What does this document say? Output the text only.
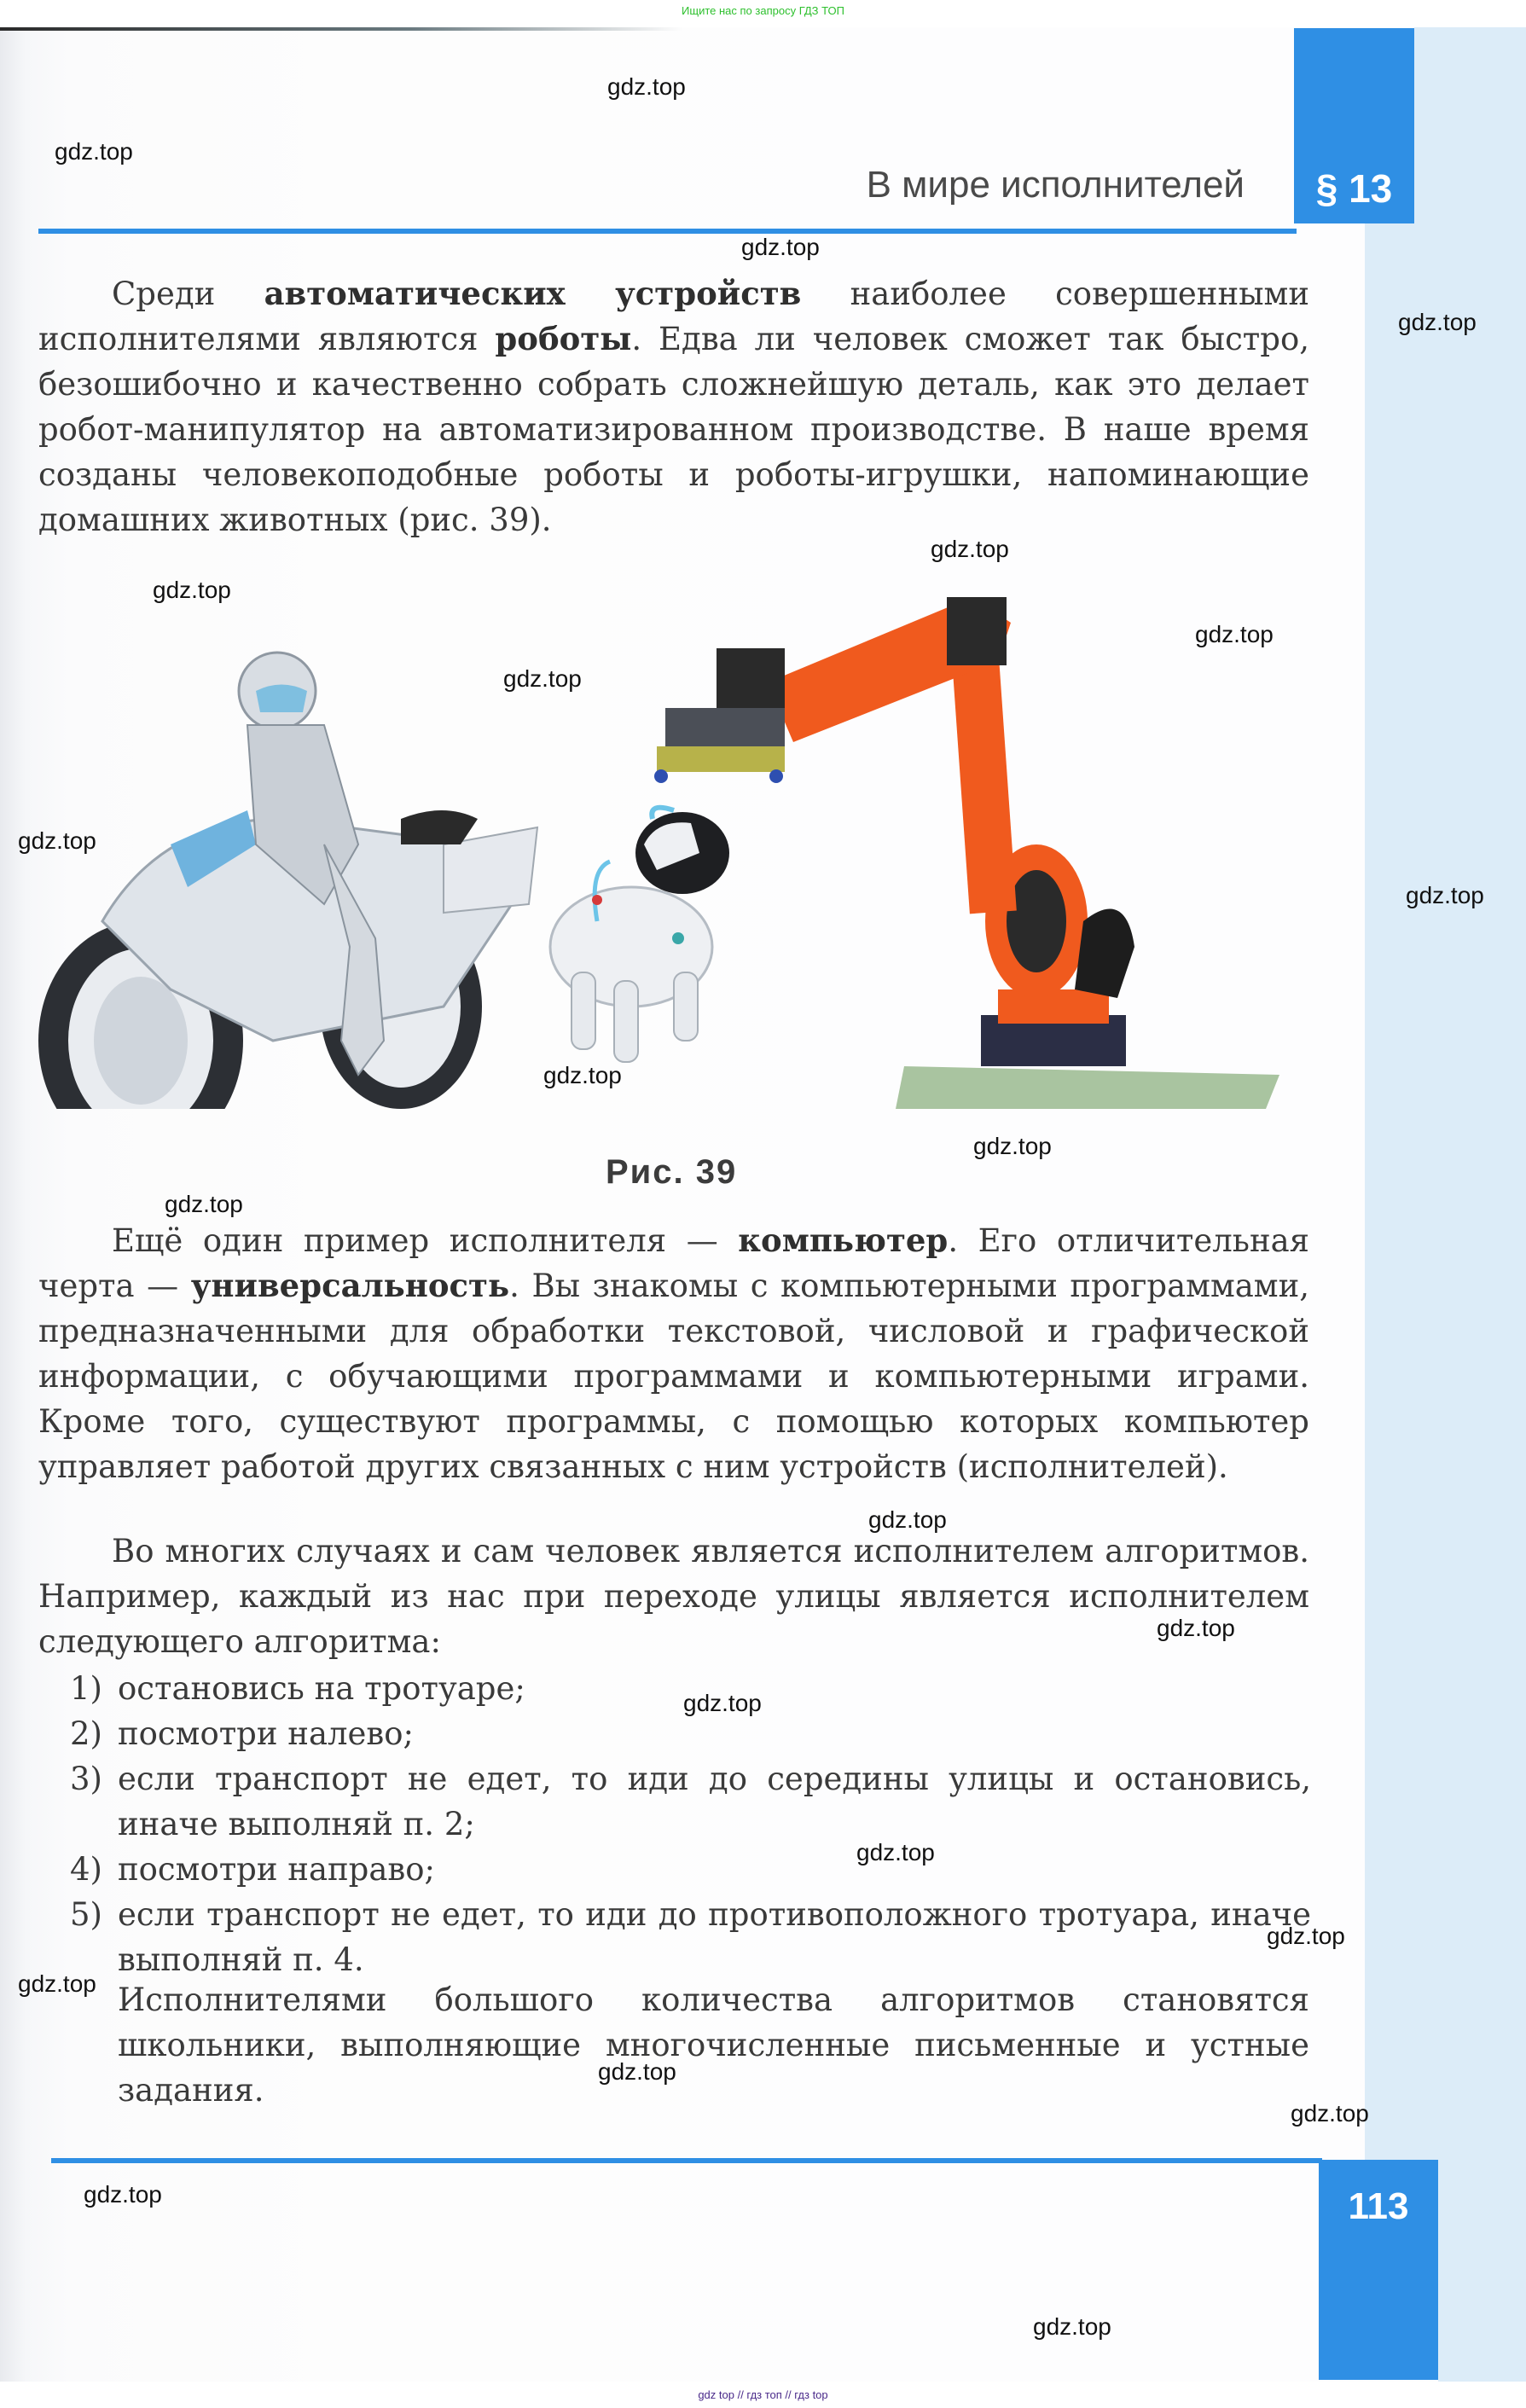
Ищите нас по запросу ГДЗ ТОП
В мире исполнителей	§ 13

Среди автоматических устройств наиболее совершенными исполнителями являются роботы. Едва ли человек сможет так быстро, безошибочно и качественно собрать сложнейшую деталь, как это делает робот-манипулятор на автоматизированном производстве. В наше время созданы человекоподобные роботы и роботы-игрушки, напоминающие домашних животных (рис. 39).

Рис. 39

Ещё один пример исполнителя — компьютер. Его отличительная черта — универсальность. Вы знакомы с компьютерными программами, предназначенными для обработки текстовой, числовой и графической информации, с обучающими программами и компьютерными играми. Кроме того, существуют программы, с помощью которых компьютер управляет работой других связанных с ним устройств (исполнителей).

Во многих случаях и сам человек является исполнителем алгоритмов. Например, каждый из нас при переходе улицы является исполнителем следующего алгоритма:

1) остановись на тротуаре;
2) посмотри налево;
3) если транспорт не едет, то иди до середины улицы и остановись, иначе выполняй п. 2;
4) посмотри направо;
5) если транспорт не едет, то иди до противоположного тротуара, иначе выполняй п. 4.

Исполнителями большого количества алгоритмов становятся школьники, выполняющие многочисленные письменные и устные задания.

113
gdz.top
gdz.top
gdz.top
gdz.top
gdz.top
gdz.top
gdz.top
gdz.top
gdz.top
gdz.top
gdz.top
gdz.top
gdz.top
gdz.top
gdz.top
gdz.top
gdz.top
gdz.top
gdz.top
gdz.top
gdz.top
gdz.top
gdz.top
gdz top // гдз топ // гдз top
